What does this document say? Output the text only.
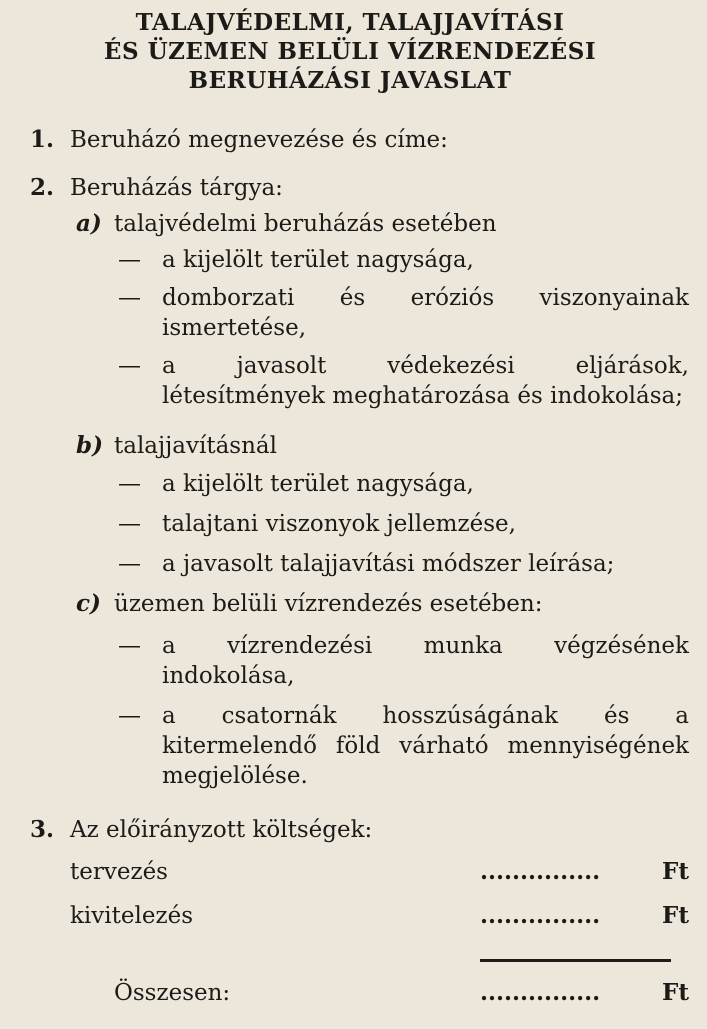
TALAJVÉDELMI, TALAJJAVÍTÁSI
ÉS ÜZEMEN BELÜLI VÍZRENDEZÉSI
BERUHÁZÁSI JAVASLAT
1. Beruházó megnevezése és címe:
2. Beruházás tárgya:
a) talajvédelmi beruházás esetében
— a kijelölt terület nagysága,
— domborzati és eróziós viszonyainak ismertetése,
— a javasolt védekezési eljárások, létesítmények meghatározása és indokolása;
b) talajjavításnál
— a kijelölt terület nagysága,
— talajtani viszonyok jellemzése,
— a javasolt talajjavítási módszer leírása;
c) üzemen belüli vízrendezés esetében:
— a vízrendezési munka végzésének indokolása,
— a csatornák hosszúságának és a kitermelendő föld várható mennyiségének megjelölése.
3. Az előirányzott költségek:
tervezés	...............	Ft
kivitelezés	...............	Ft
Összesen:	...............	Ft
